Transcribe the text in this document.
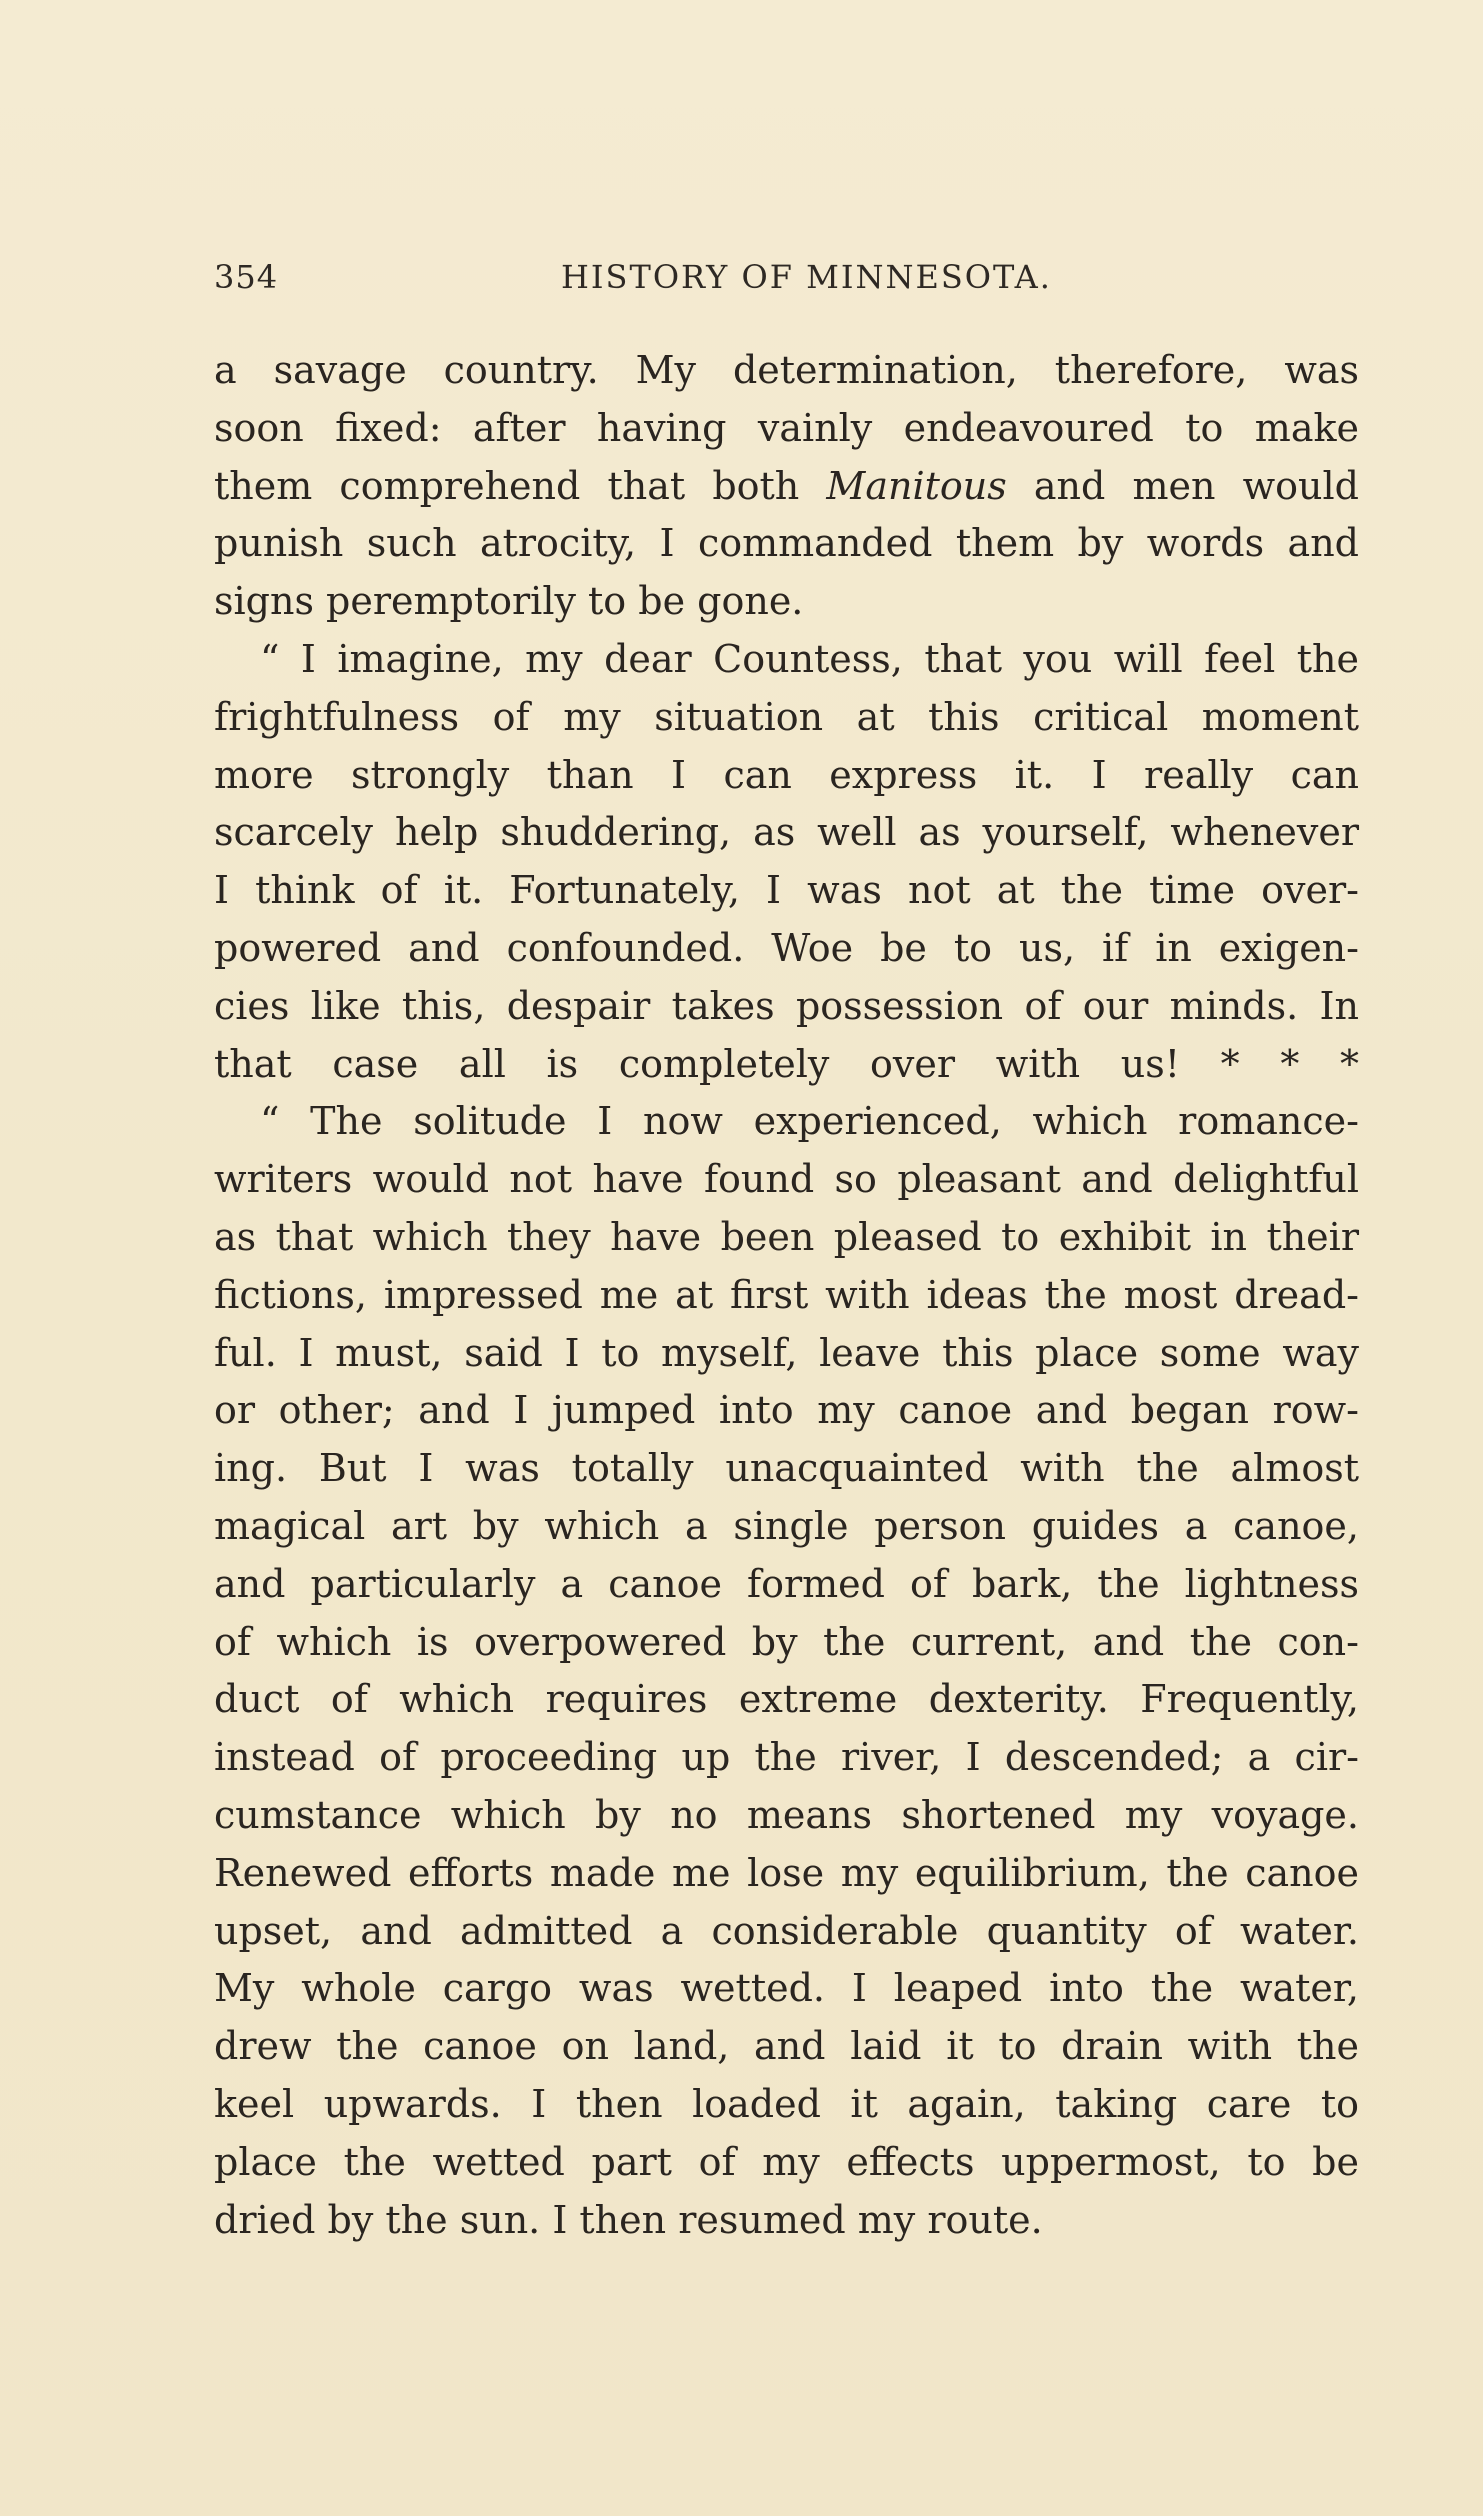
354	HISTORY OF MINNESOTA.
a savage country. My determination, therefore, was
soon fixed: after having vainly endeavoured to make
them comprehend that both Manitous and men would
punish such atrocity, I commanded them by words and
signs peremptorily to be gone.
“ I imagine, my dear Countess, that you will feel the
frightfulness of my situation at this critical moment
more strongly than I can express it. I really can
scarcely help shuddering, as well as yourself, whenever
I think of it. Fortunately, I was not at the time over-
powered and confounded. Woe be to us, if in exigen-
cies like this, despair takes possession of our minds. In
that case all is completely over with us! * * *
“ The solitude I now experienced, which romance-
writers would not have found so pleasant and delightful
as that which they have been pleased to exhibit in their
fictions, impressed me at first with ideas the most dread-
ful. I must, said I to myself, leave this place some way
or other; and I jumped into my canoe and began row-
ing. But I was totally unacquainted with the almost
magical art by which a single person guides a canoe,
and particularly a canoe formed of bark, the lightness
of which is overpowered by the current, and the con-
duct of which requires extreme dexterity. Frequently,
instead of proceeding up the river, I descended; a cir-
cumstance which by no means shortened my voyage.
Renewed efforts made me lose my equilibrium, the canoe
upset, and admitted a considerable quantity of water.
My whole cargo was wetted. I leaped into the water,
drew the canoe on land, and laid it to drain with the
keel upwards. I then loaded it again, taking care to
place the wetted part of my effects uppermost, to be
dried by the sun. I then resumed my route.
